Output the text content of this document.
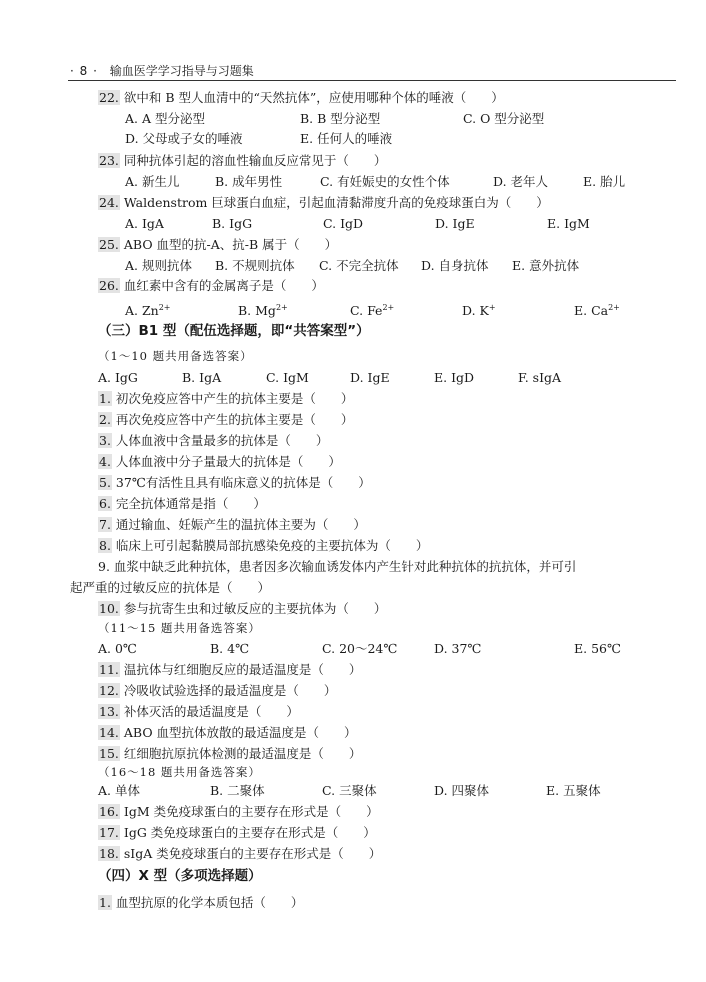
· 8 · 输血医学学习指导与习题集
22. 欲中和 B 型人血清中的“天然抗体”，应使用哪种个体的唾液（　　）
A. A 型分泌型	B. B 型分泌型	C. O 型分泌型
D. 父母或子女的唾液	E. 任何人的唾液
23. 同种抗体引起的溶血性输血反应常见于（　　）
A. 新生儿	B. 成年男性	C. 有妊娠史的女性个体	D. 老年人	E. 胎儿
24. Waldenstrom 巨球蛋白血症，引起血清黏滞度升高的免疫球蛋白为（　　）
A. IgA	B. IgG	C. IgD	D. IgE	E. IgM
25. ABO 血型的抗-A、抗-B 属于（　　）
A. 规则抗体 B. 不规则抗体 C. 不完全抗体 D. 自身抗体 E. 意外抗体
26. 血红素中含有的金属离子是（　　）
A. $Zn^{2+}$	B. $Mg^{2+}$	C. $Fe^{2+}$	D. K+	E. $Ca^{2+}$
（三）B1 型（配伍选择题，即“共答案型”）
（1～10 题共用备选答案）
A. IgG	B. IgA	C. IgM	D. IgE	E. IgD	F. sIgA
1. 初次免疫应答中产生的抗体主要是（　　）
2. 再次免疫应答中产生的抗体主要是（　　）
3. 人体血液中含量最多的抗体是（　　）
4. 人体血液中分子量最大的抗体是（　　）
5. 37℃有活性且具有临床意义的抗体是（　　）
6. 完全抗体通常是指（　　）
7. 通过输血、妊娠产生的温抗体主要为（　　）
8. 临床上可引起黏膜局部抗感染免疫的主要抗体为（　　）
9. 血浆中缺乏此种抗体，患者因多次输血诱发体内产生针对此种抗体的抗抗体，并可引
起严重的过敏反应的抗体是（　　）
10. 参与抗寄生虫和过敏反应的主要抗体为（　　）
（11～15 题共用备选答案）
A. 0℃	B. 4℃	C. 20～24℃	D. 37℃	E. 56℃
11. 温抗体与红细胞反应的最适温度是（　　）
12. 冷吸收试验选择的最适温度是（　　）
13. 补体灭活的最适温度是（　　）
14. ABO 血型抗体放散的最适温度是（　　）
15. 红细胞抗原抗体检测的最适温度是（　　）
（16～18 题共用备选答案）
A. 单体	B. 二聚体	C. 三聚体	D. 四聚体	E. 五聚体
16. IgM 类免疫球蛋白的主要存在形式是（　　）
17. IgG 类免疫球蛋白的主要存在形式是（　　）
18. sIgA 类免疫球蛋白的主要存在形式是（　　）
（四）X 型（多项选择题）
1. 血型抗原的化学本质包括（　　）
